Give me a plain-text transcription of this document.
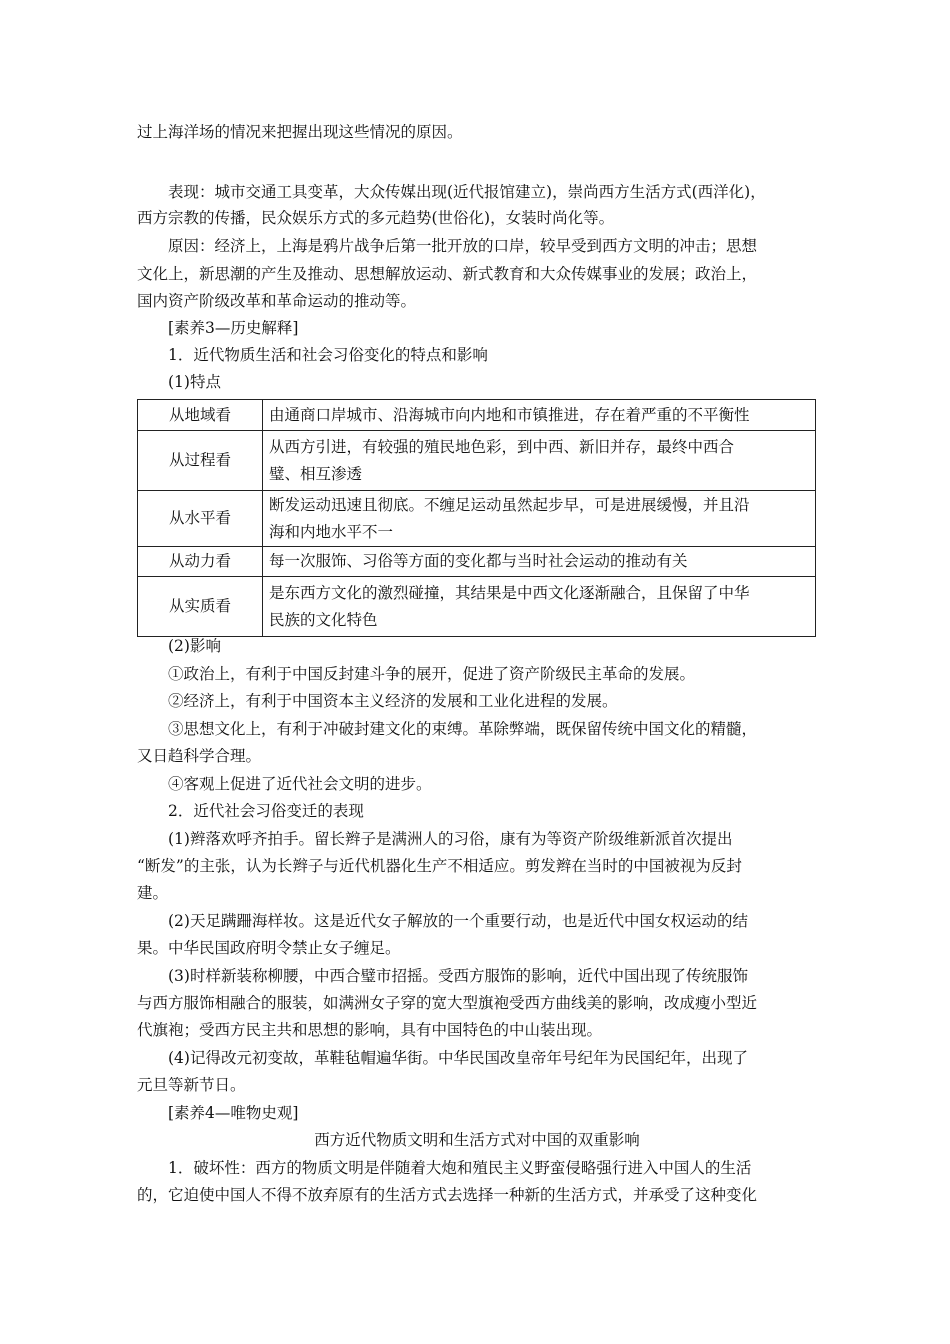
过上海洋场的情况来把握出现这些情况的原因。
表现：城市交通工具变革，大众传媒出现(近代报馆建立)，崇尚西方生活方式(西洋化)，
西方宗教的传播，民众娱乐方式的多元趋势(世俗化)，女装时尚化等。
原因：经济上，上海是鸦片战争后第一批开放的口岸，较早受到西方文明的冲击；思想
文化上，新思潮的产生及推动、思想解放运动、新式教育和大众传媒事业的发展；政治上，
国内资产阶级改革和革命运动的推动等。
[素养3—历史解释]
1．近代物质生活和社会习俗变化的特点和影响
(1)特点
从地域看	由通商口岸城市、沿海城市向内地和市镇推进，存在着严重的不平衡性
从过程看	从西方引进，有较强的殖民地色彩，到中西、新旧并存，最终中西合
璧、相互渗透

从水平看	断发运动迅速且彻底。不缠足运动虽然起步早，可是进展缓慢，并且沿
海和内地水平不一

从动力看	每一次服饰、习俗等方面的变化都与当时社会运动的推动有关
从实质看	是东西方文化的激烈碰撞，其结果是中西文化逐渐融合，且保留了中华
民族的文化特色
(2)影响
①政治上，有利于中国反封建斗争的展开，促进了资产阶级民主革命的发展。
②经济上，有利于中国资本主义经济的发展和工业化进程的发展。
③思想文化上，有利于冲破封建文化的束缚。革除弊端，既保留传统中国文化的精髓，
又日趋科学合理。
④客观上促进了近代社会文明的进步。
2．近代社会习俗变迁的表现
(1)辫落欢呼齐拍手。留长辫子是满洲人的习俗，康有为等资产阶级维新派首次提出
“断发”的主张，认为长辫子与近代机器化生产不相适应。剪发辫在当时的中国被视为反封
建。
(2)天足蹒跚海样妆。这是近代女子解放的一个重要行动，也是近代中国女权运动的结
果。中华民国政府明令禁止女子缠足。
(3)时样新装称柳腰，中西合璧市招摇。受西方服饰的影响，近代中国出现了传统服饰
与西方服饰相融合的服装，如满洲女子穿的宽大型旗袍受西方曲线美的影响，改成瘦小型近
代旗袍；受西方民主共和思想的影响，具有中国特色的中山装出现。
(4)记得改元初变故，革鞋毡帽遍华街。中华民国改皇帝年号纪年为民国纪年，出现了
元旦等新节日。
[素养4—唯物史观]
西方近代物质文明和生活方式对中国的双重影响
1．破坏性：西方的物质文明是伴随着大炮和殖民主义野蛮侵略强行进入中国人的生活
的，它迫使中国人不得不放弃原有的生活方式去选择一种新的生活方式，并承受了这种变化
